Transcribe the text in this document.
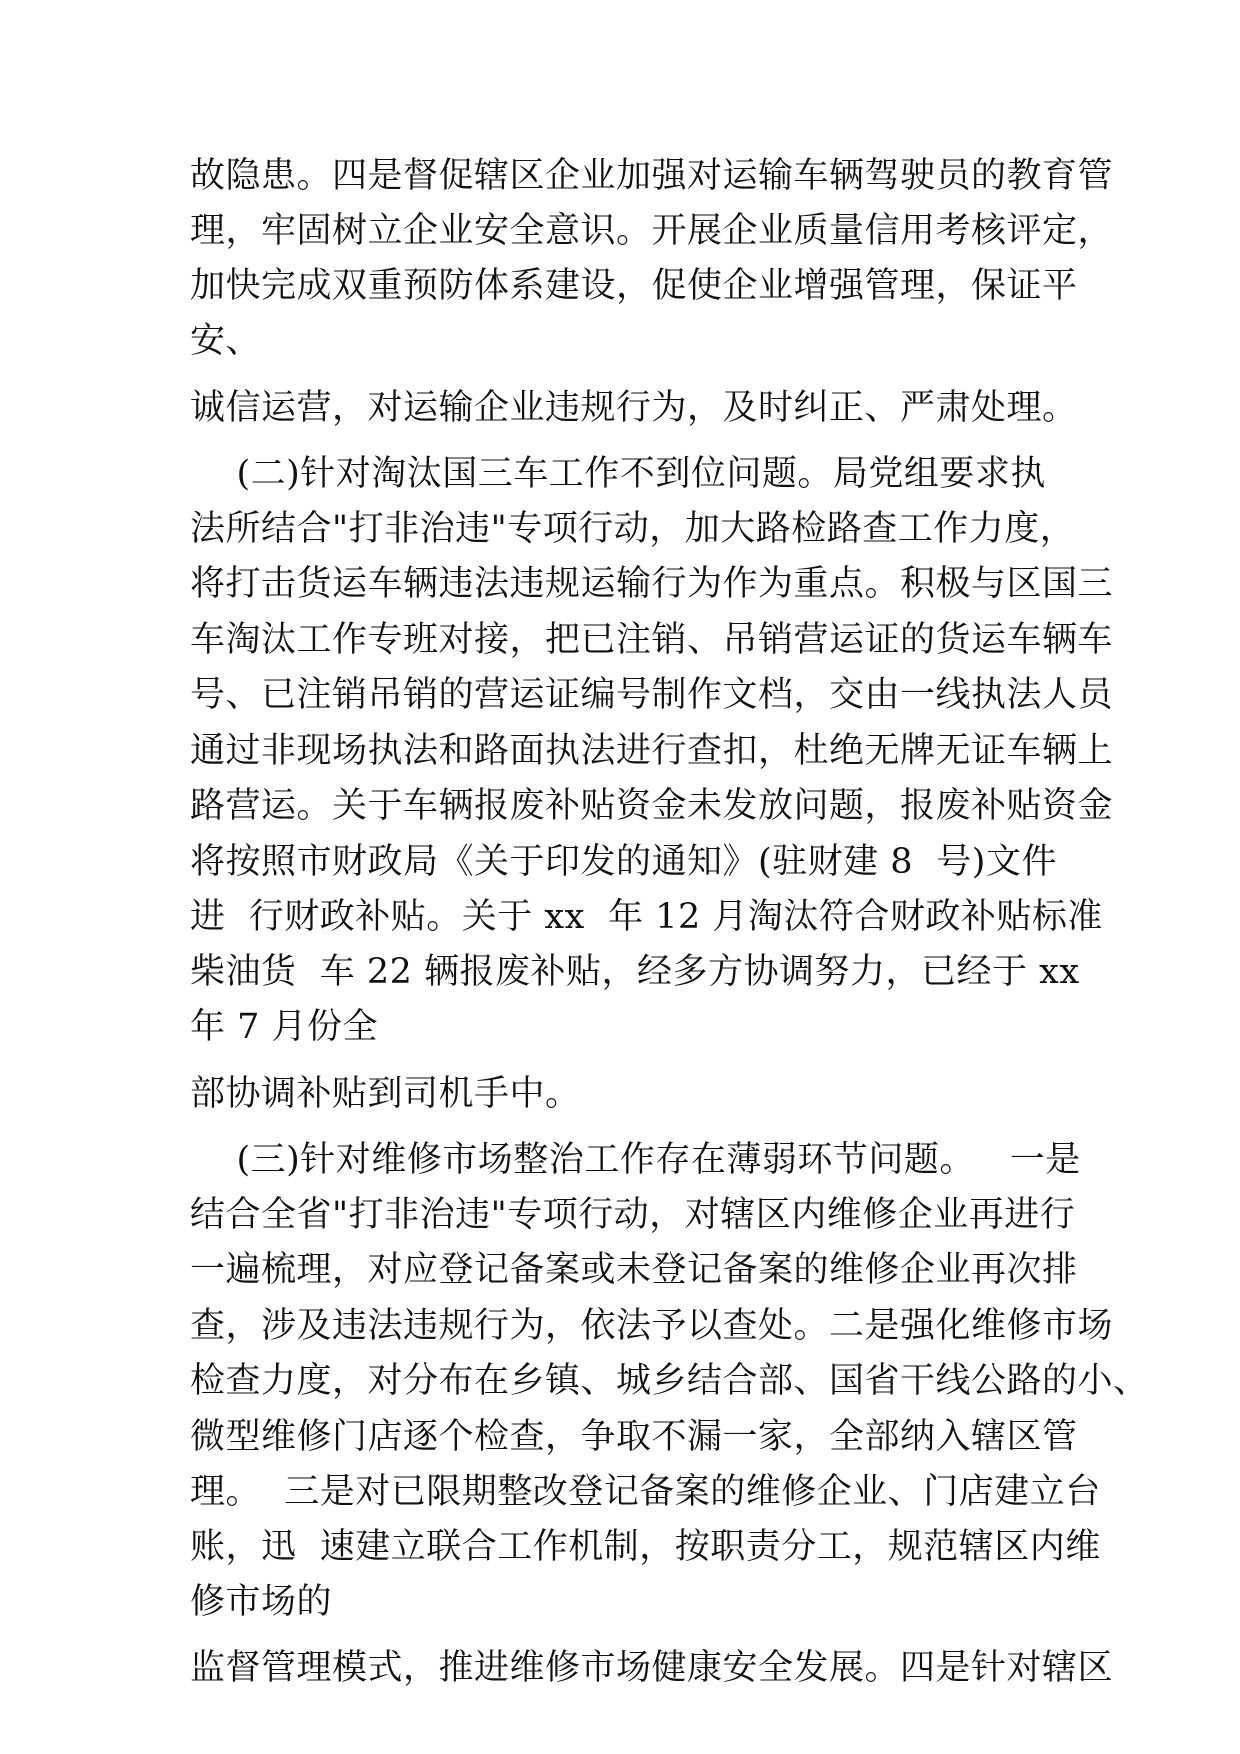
故隐患。四是督促辖区企业加强对运输车辆驾驶员的教育管
理，牢固树立企业安全意识。开展企业质量信用考核评定，
加快完成双重预防体系建设，促使企业增强管理，保证平
安、
诚信运营，对运输企业违规行为，及时纠正、严肃处理。
(二)针对淘汰国三车工作不到位问题。局党组要求执
法所结合"打非治违"专项行动，加大路检路查工作力度，
将打击货运车辆违法违规运输行为作为重点。积极与区国三
车淘汰工作专班对接，把已注销、吊销营运证的货运车辆车
号、已注销吊销的营运证编号制作文档，交由一线执法人员
通过非现场执法和路面执法进行查扣，杜绝无牌无证车辆上
路营运。关于车辆报废补贴资金未发放问题，报废补贴资金
将按照市财政局《关于印发的通知》(驻财建 8  号)文件
进  行财政补贴。关于 xx  年 12 月淘汰符合财政补贴标准
柴油货  车 22 辆报废补贴，经多方协调努力，已经于 xx
年 7 月份全
部协调补贴到司机手中。
(三)针对维修市场整治工作存在薄弱环节问题。   一是
结合全省"打非治违"专项行动，对辖区内维修企业再进行
一遍梳理，对应登记备案或未登记备案的维修企业再次排
查，涉及违法违规行为，依法予以查处。二是强化维修市场
检查力度，对分布在乡镇、城乡结合部、国省干线公路的小、
微型维修门店逐个检查，争取不漏一家，全部纳入辖区管
理。  三是对已限期整改登记备案的维修企业、门店建立台
账，迅  速建立联合工作机制，按职责分工，规范辖区内维
修市场的
监督管理模式，推进维修市场健康安全发展。四是针对辖区
